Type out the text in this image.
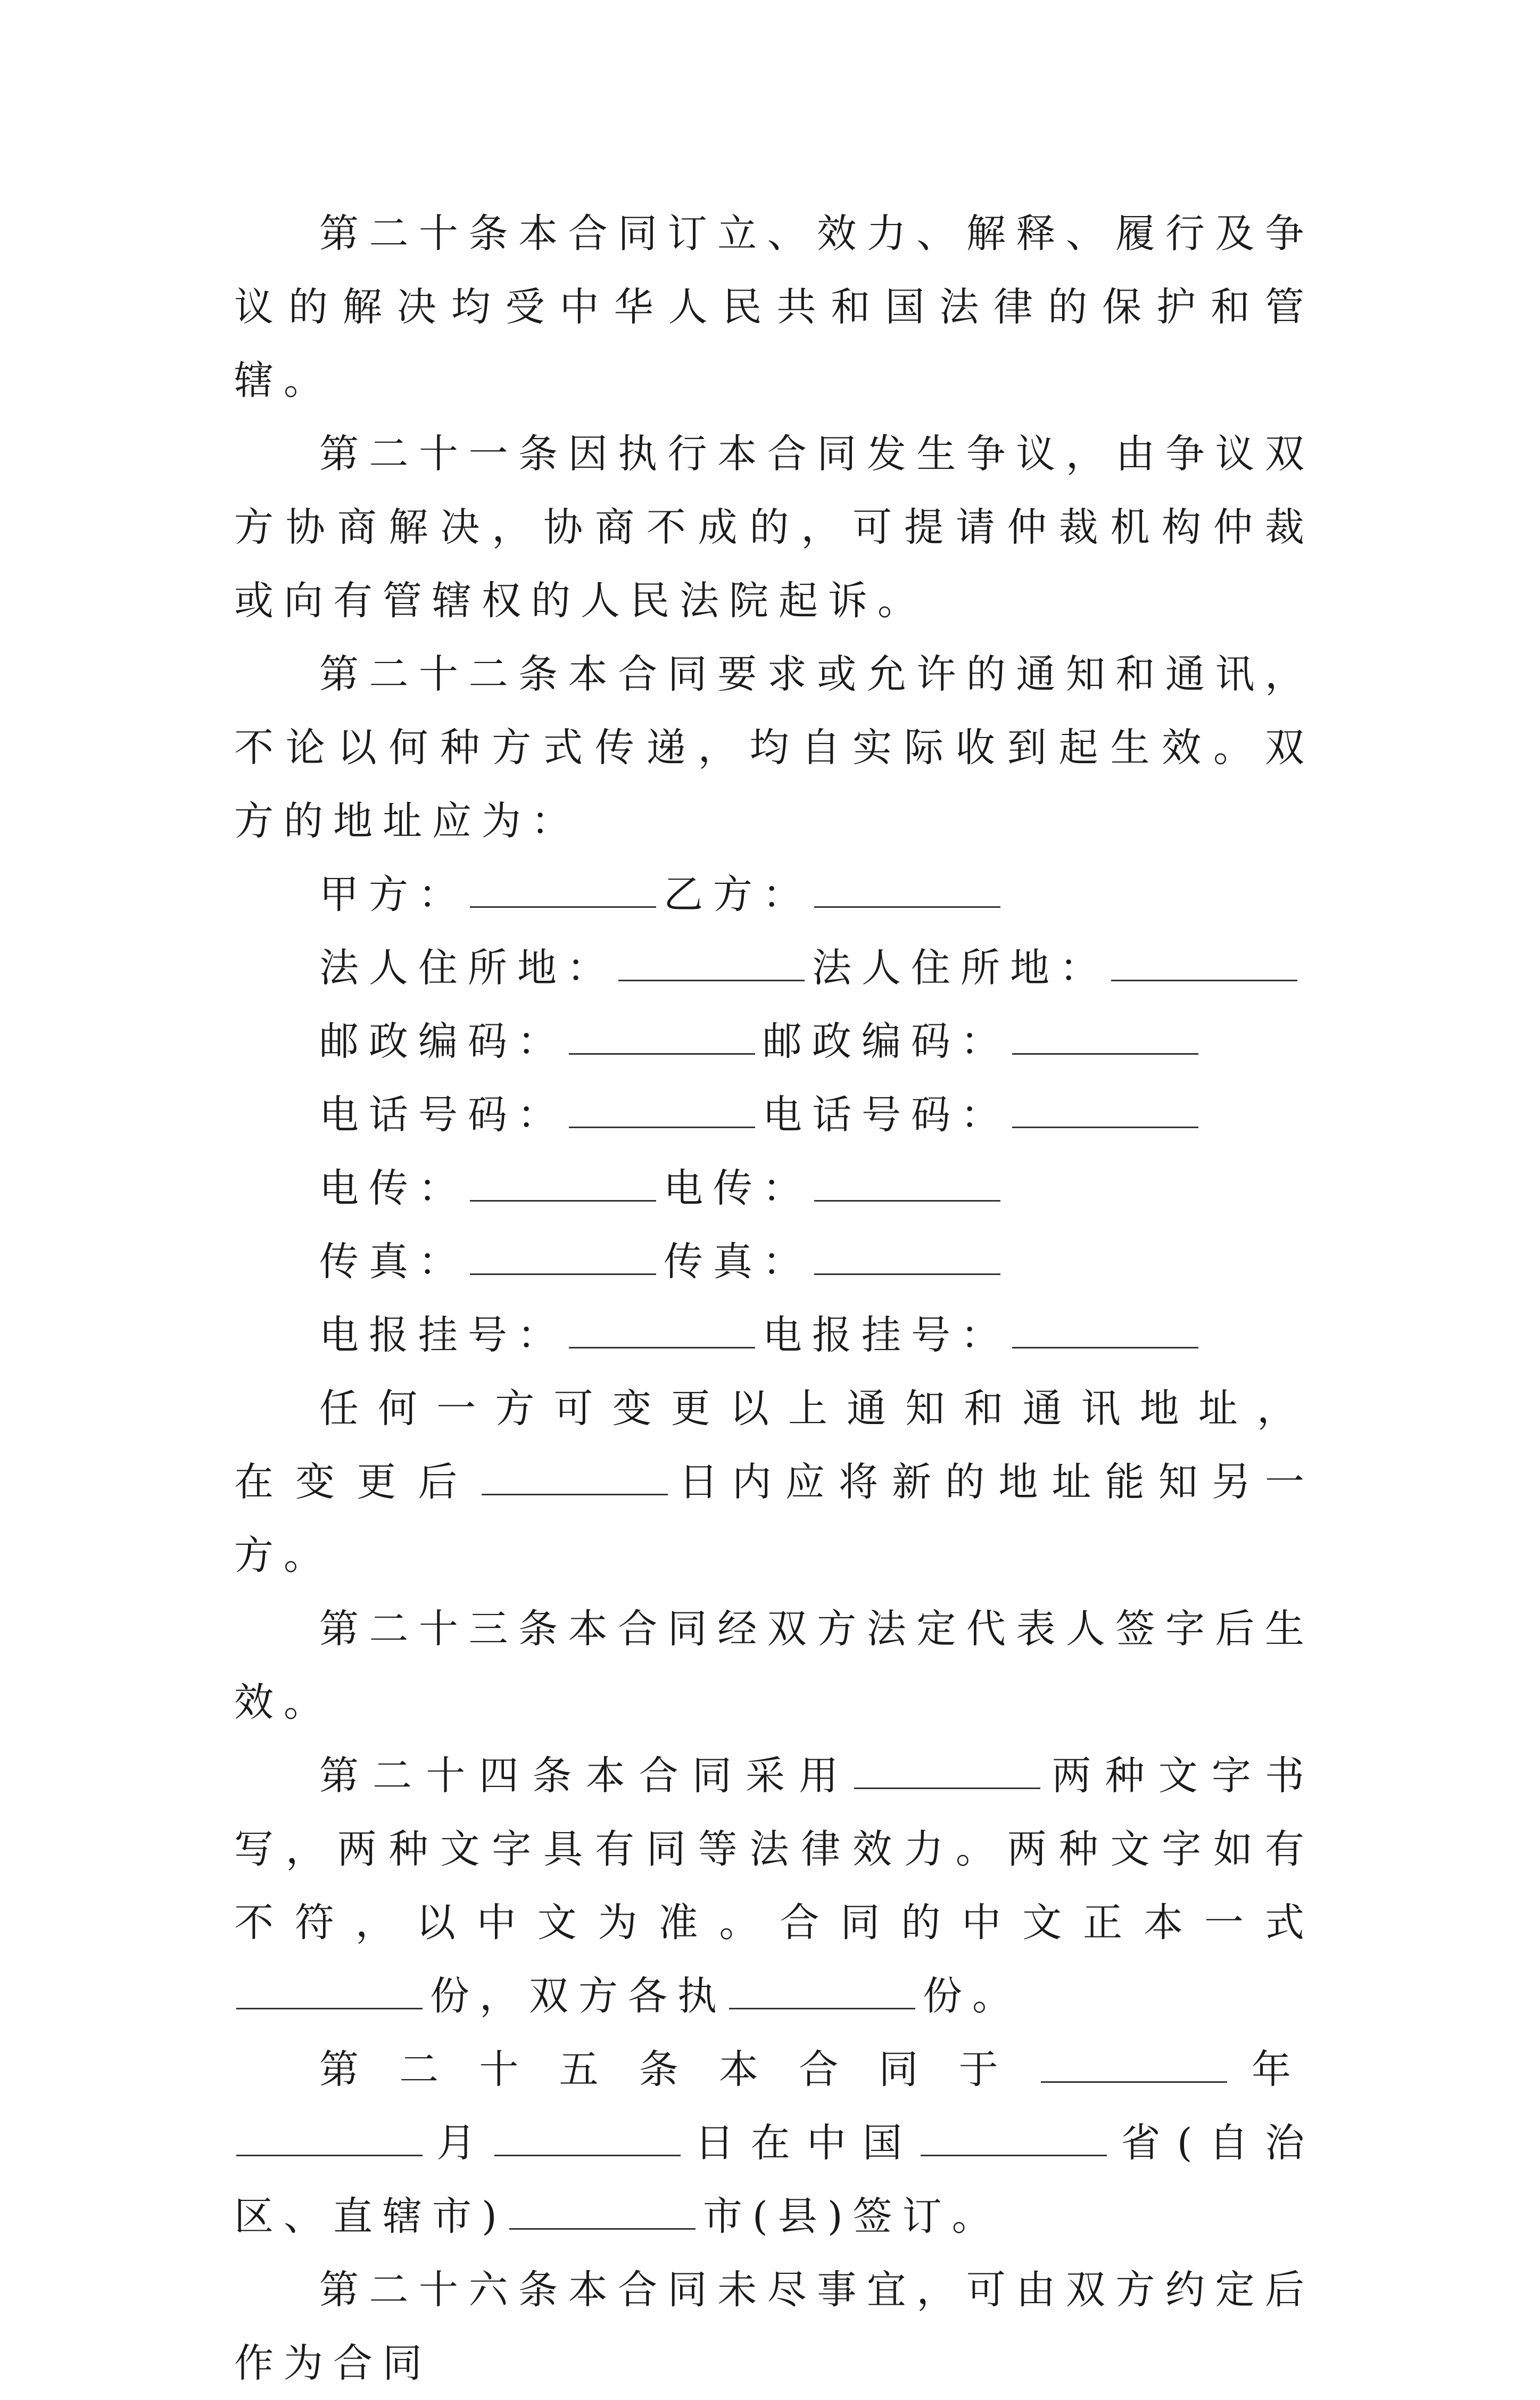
第二十条本合同订立、效力、解释、履行及争议的解决均受中华人民共和国法律的保护和管辖。

第二十一条因执行本合同发生争议，由争议双方协商解决，协商不成的，可提请仲裁机构仲裁或向有管辖权的人民法院起诉。

第二十二条本合同要求或允许的通知和通讯，不论以何种方式传递，均自实际收到起生效。双方的地址应为：

甲方：	乙方：

法人住所地：	法人住所地：

邮政编码：	邮政编码：

电话号码：	电话号码：

电传：	电传：

传真：	传真：

电报挂号：	电报挂号：

任何一方可变更以上通知和通讯地址，在变更后	日内应将新的地址能知另一方。

第二十三条本合同经双方法定代表人签字后生效。

第二十四条本合同采用	两种文字书写，两种文字具有同等法律效力。两种文字如有不符，以中文为准。合同的中文正本一式份，双方各执	份。

第二十五条本合同于	年月	日在中国	省(自治区、直辖市)	市(县)签订。

第二十六条本合同未尽事宜，可由双方约定后作为合同
